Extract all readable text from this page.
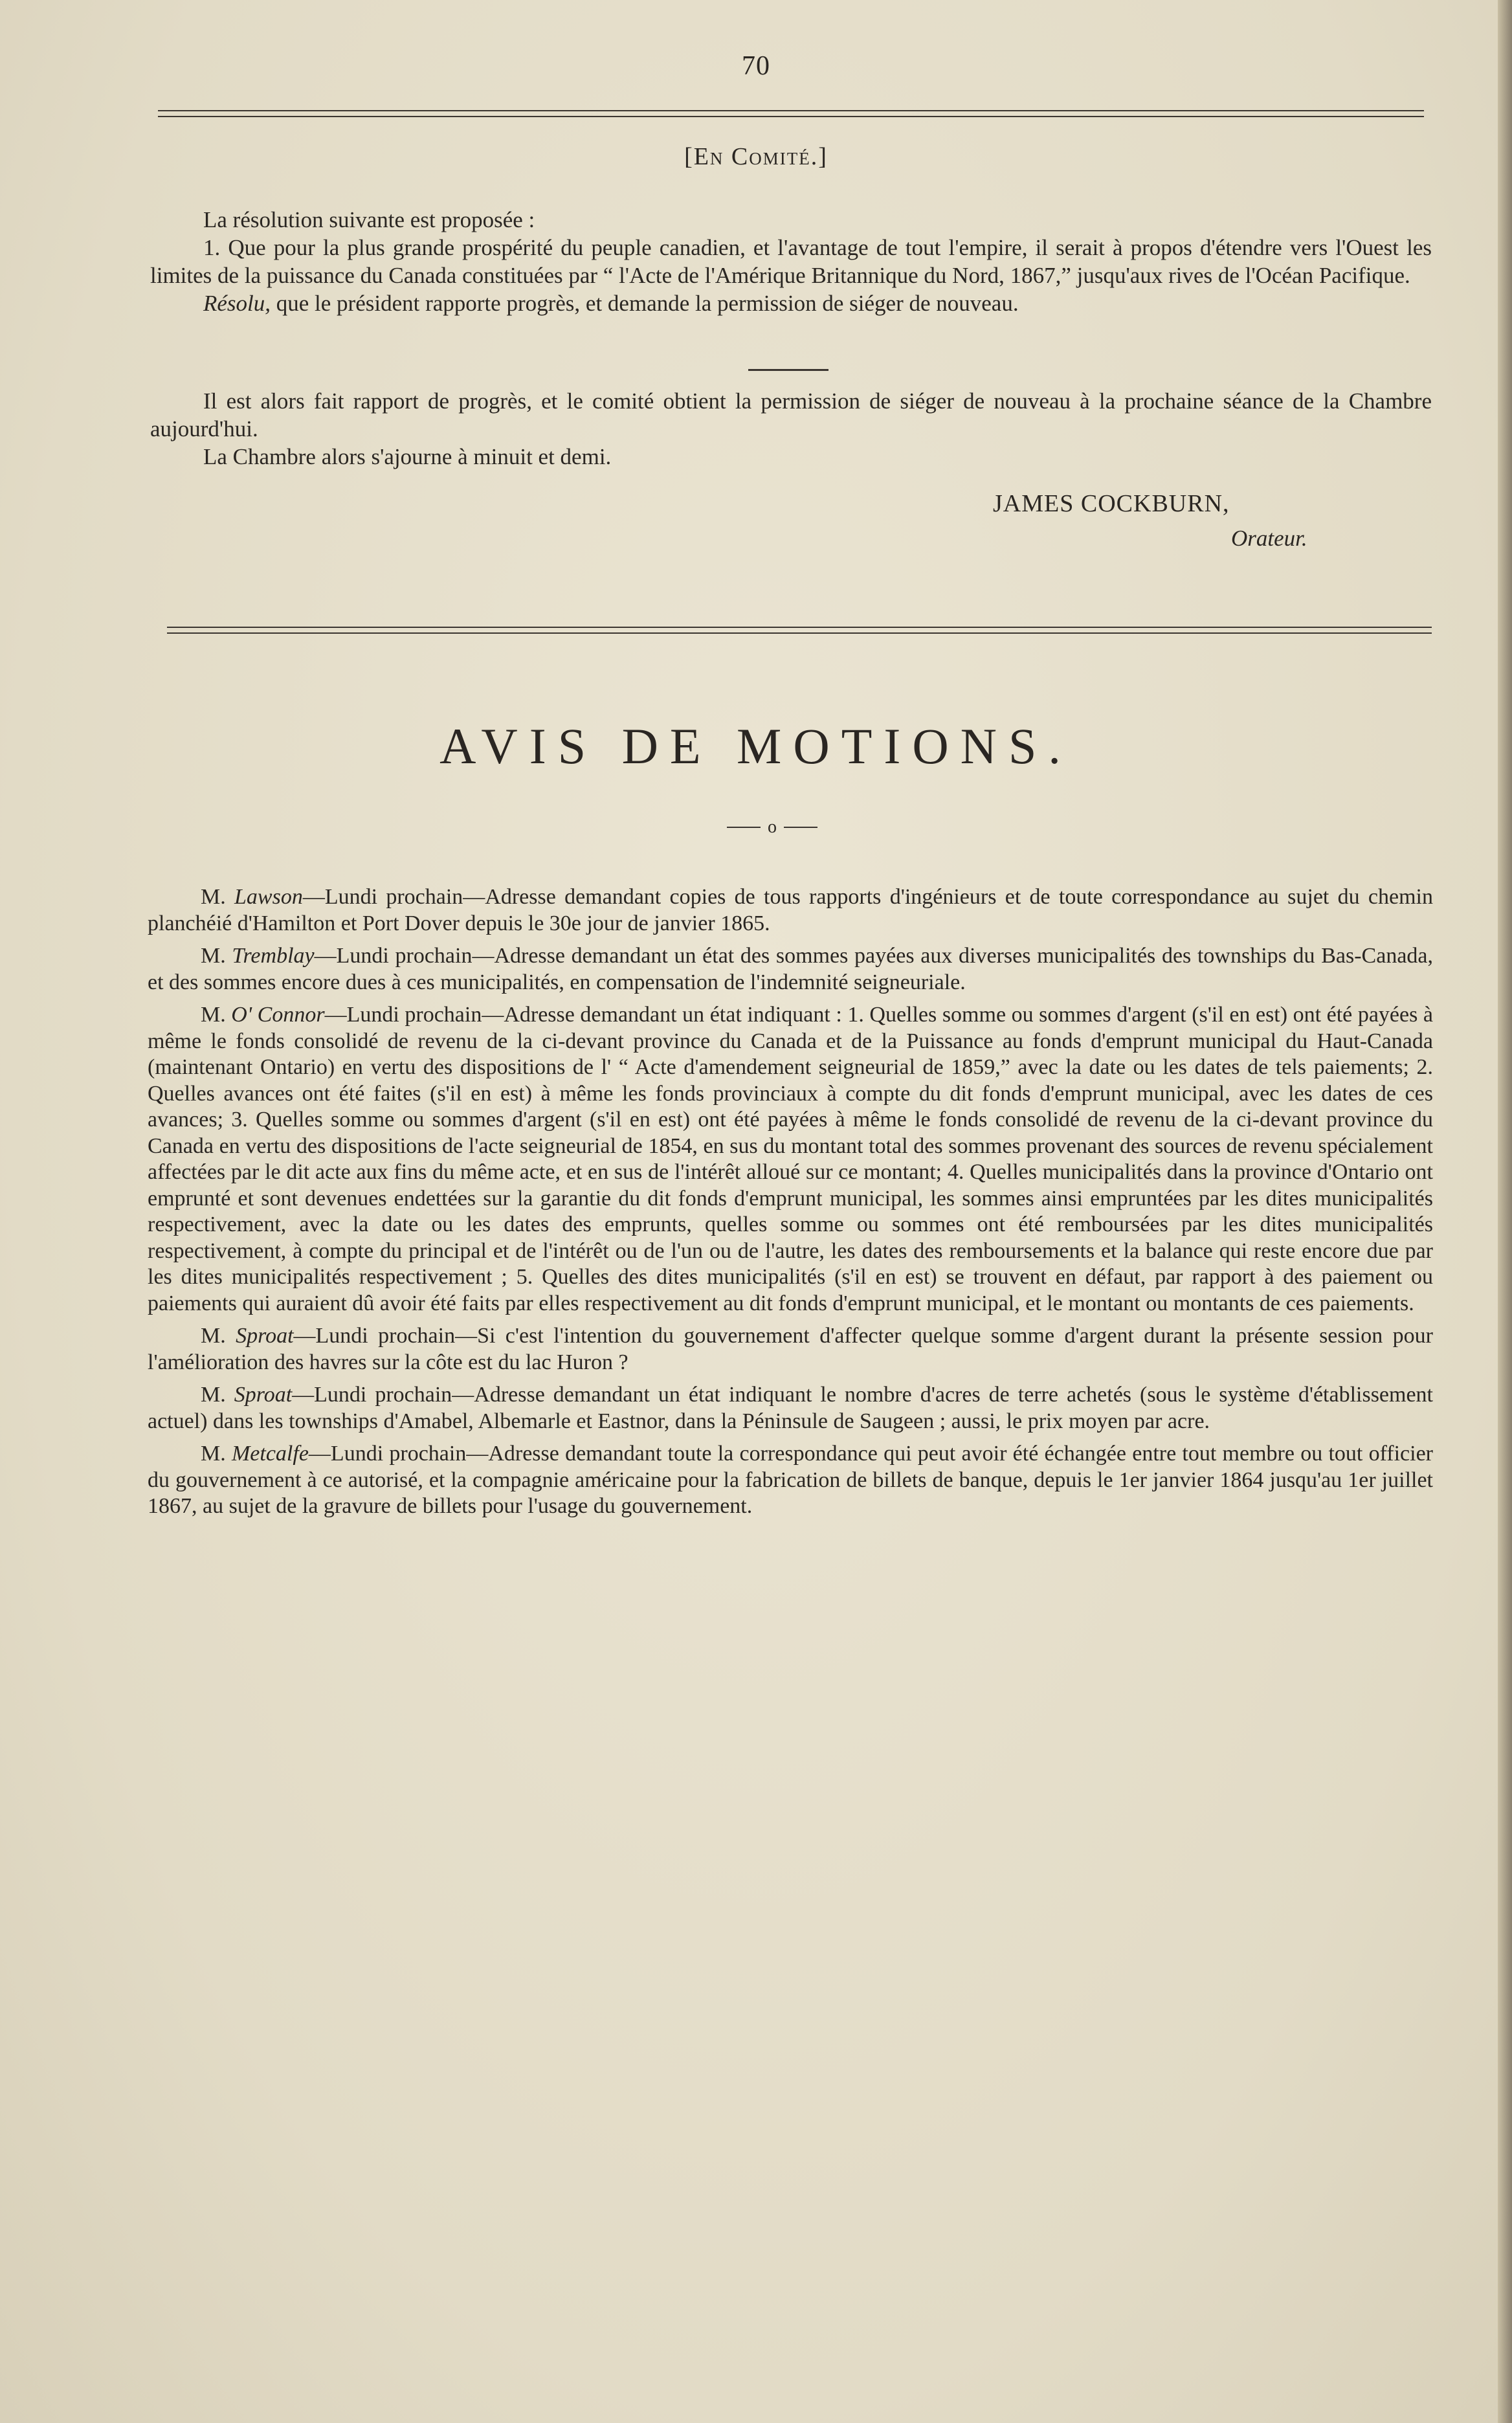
70
[En Comité.]

La résolution suivante est proposée :

1. Que pour la plus grande prospérité du peuple canadien, et l'avantage de tout l'empire, il serait à propos d'étendre vers l'Ouest les limites de la puissance du Canada constituées par “ l'Acte de l'Amérique Britannique du Nord, 1867,” jusqu'aux rives de l'Océan Pacifique.

Résolu, que le président rapporte progrès, et demande la permission de siéger de nouveau.

Il est alors fait rapport de progrès, et le comité obtient la permission de siéger de nouveau à la prochaine séance de la Chambre aujourd'hui.

La Chambre alors s'ajourne à minuit et demi.

JAMES COCKBURN,
Orateur.
AVIS DE MOTIONS.
o

M. Lawson—Lundi prochain—Adresse demandant copies de tous rapports d'ingénieurs et de toute correspondance au sujet du chemin planchéié d'Hamilton et Port Dover depuis le 30e jour de janvier 1865.

M. Tremblay—Lundi prochain—Adresse demandant un état des sommes payées aux diverses municipalités des townships du Bas-Canada, et des sommes encore dues à ces municipalités, en compensation de l'indemnité seigneuriale.

M. O' Connor—Lundi prochain—Adresse demandant un état indiquant : 1. Quelles somme ou sommes d'argent (s'il en est) ont été payées à même le fonds consolidé de revenu de la ci-devant province du Canada et de la Puissance au fonds d'emprunt municipal du Haut-Canada (maintenant Ontario) en vertu des dispositions de l' “ Acte d'amendement seigneurial de 1859,” avec la date ou les dates de tels paiements; 2. Quelles avances ont été faites (s'il en est) à même les fonds provinciaux à compte du dit fonds d'emprunt municipal, avec les dates de ces avances; 3. Quelles somme ou sommes d'argent (s'il en est) ont été payées à même le fonds consolidé de revenu de la ci-devant province du Canada en vertu des dispositions de l'acte seigneurial de 1854, en sus du montant total des sommes provenant des sources de revenu spécialement affectées par le dit acte aux fins du même acte, et en sus de l'intérêt alloué sur ce montant; 4. Quelles municipalités dans la province d'Ontario ont emprunté et sont devenues endettées sur la garantie du dit fonds d'emprunt municipal, les sommes ainsi empruntées par les dites municipalités respectivement, avec la date ou les dates des emprunts, quelles somme ou sommes ont été remboursées par les dites municipalités respectivement, à compte du principal et de l'intérêt ou de l'un ou de l'autre, les dates des remboursements et la balance qui reste encore due par les dites municipalités respectivement ; 5. Quelles des dites municipalités (s'il en est) se trouvent en défaut, par rapport à des paiement ou paiements qui auraient dû avoir été faits par elles respectivement au dit fonds d'emprunt municipal, et le montant ou montants de ces paiements.

M. Sproat—Lundi prochain—Si c'est l'intention du gouvernement d'affecter quelque somme d'argent durant la présente session pour l'amélioration des havres sur la côte est du lac Huron ?

M. Sproat—Lundi prochain—Adresse demandant un état indiquant le nombre d'acres de terre achetés (sous le système d'établissement actuel) dans les townships d'Amabel, Albemarle et Eastnor, dans la Péninsule de Saugeen ; aussi, le prix moyen par acre.

M. Metcalfe—Lundi prochain—Adresse demandant toute la correspondance qui peut avoir été échangée entre tout membre ou tout officier du gouvernement à ce autorisé, et la compagnie américaine pour la fabrication de billets de banque, depuis le 1er janvier 1864 jusqu'au 1er juillet 1867, au sujet de la gravure de billets pour l'usage du gouvernement.
